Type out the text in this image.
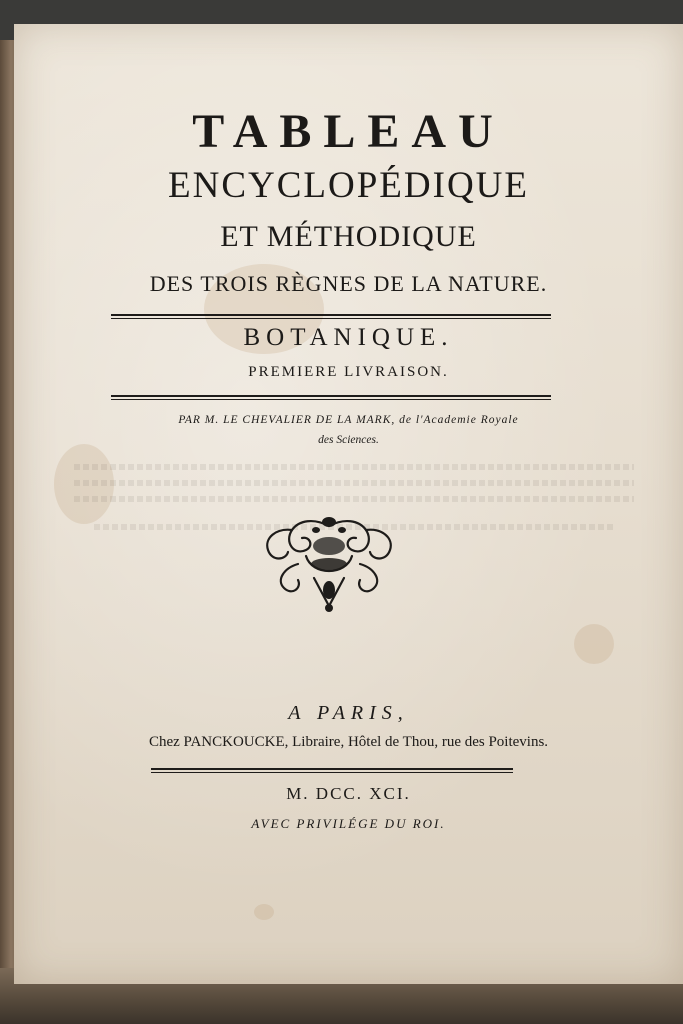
TABLEAU
ENCYCLOPÉDIQUE
ET MÉTHODIQUE
DES TROIS RÈGNES DE LA NATURE.
BOTANIQUE.
PREMIERE LIVRAISON.
PAR M. LE CHEVALIER DE LA MARK, de l'Academie Royale
des Sciences.
A PARIS,
Chez PANCKOUCKE, Libraire, Hôtel de Thou, rue des Poitevins.
M. DCC. XCI.
AVEC PRIVILÉGE DU ROI.
